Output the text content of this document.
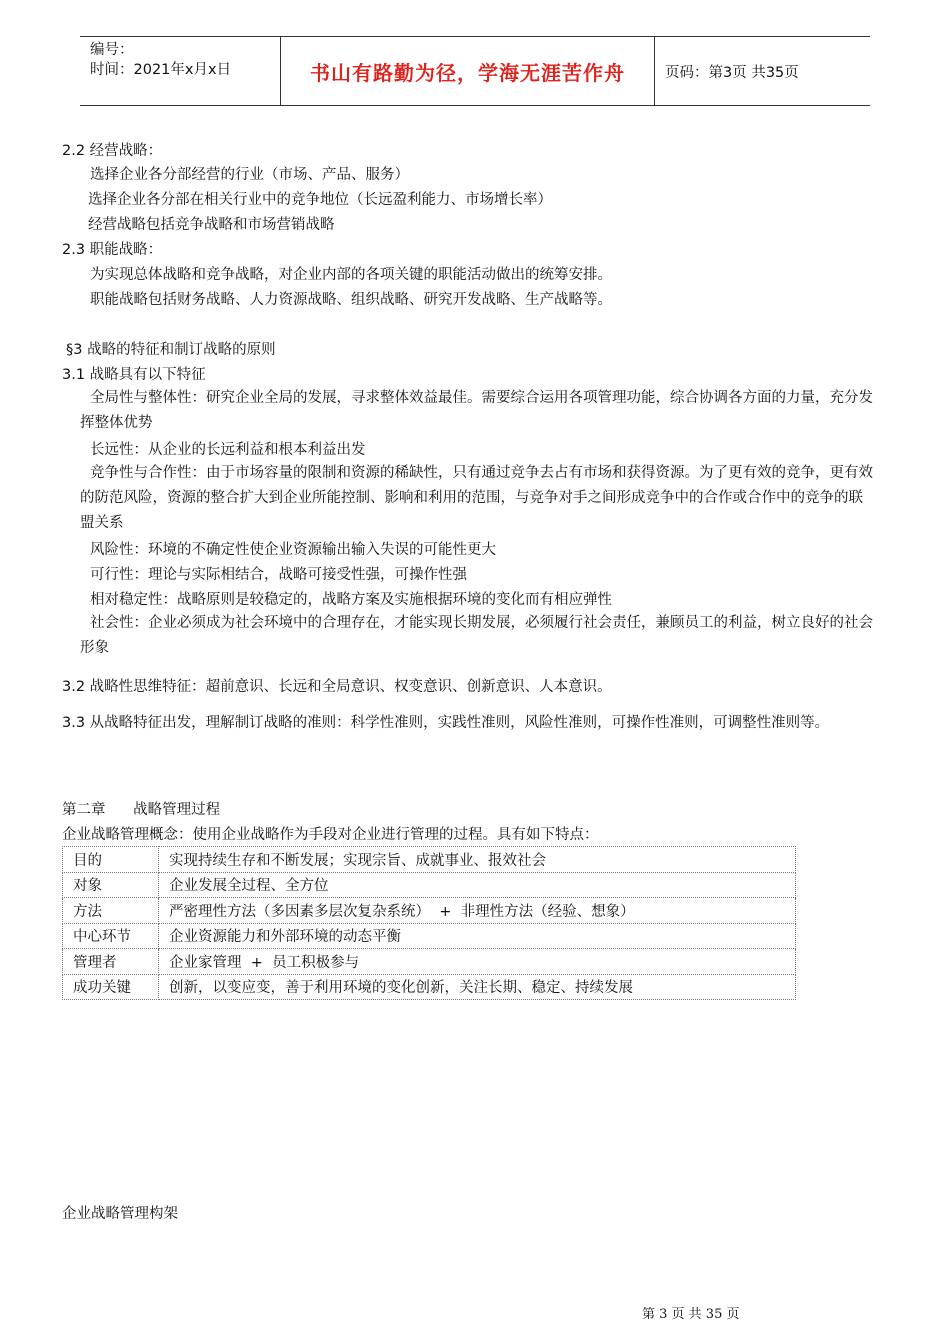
编号：
时间：2021年x月x日	书山有路勤为径，学海无涯苦作舟	页码：第3页 共35页
2.2 经营战略：
选择企业各分部经营的行业（市场、产品、服务）
选择企业各分部在相关行业中的竞争地位（长远盈利能力、市场增长率）
经营战略包括竞争战略和市场营销战略
2.3 职能战略：
为实现总体战略和竞争战略，对企业内部的各项关键的职能活动做出的统筹安排。
职能战略包括财务战略、人力资源战略、组织战略、研究开发战略、生产战略等。
§3 战略的特征和制订战略的原则
3.1 战略具有以下特征
全局性与整体性：研究企业全局的发展，寻求整体效益最佳。需要综合运用各项管理功能，综合协调各方面的力量，充分发挥整体优势
长远性：从企业的长远利益和根本利益出发
竞争性与合作性：由于市场容量的限制和资源的稀缺性，只有通过竞争去占有市场和获得资源。为了更有效的竞争，更有效的防范风险，资源的整合扩大到企业所能控制、影响和利用的范围，与竞争对手之间形成竞争中的合作或合作中的竞争的联盟关系
风险性：环境的不确定性使企业资源输出输入失误的可能性更大
可行性：理论与实际相结合，战略可接受性强，可操作性强
相对稳定性：战略原则是较稳定的，战略方案及实施根据环境的变化而有相应弹性
社会性：企业必须成为社会环境中的合理存在，才能实现长期发展，必须履行社会责任，兼顾员工的利益，树立良好的社会形象
3.2 战略性思维特征：超前意识、长远和全局意识、权变意识、创新意识、人本意识。
3.3 从战略特征出发，理解制订战略的准则：科学性准则，实践性准则，风险性准则，可操作性准则，可调整性准则等。
第二章      战略管理过程
企业战略管理概念：使用企业战略作为手段对企业进行管理的过程。具有如下特点：
目的	实现持续生存和不断发展；实现宗旨、成就事业、报效社会
对象	企业发展全过程、全方位
方法	严密理性方法（多因素多层次复杂系统）  +  非理性方法（经验、想象）
中心环节	企业资源能力和外部环境的动态平衡
管理者	企业家管理  +  员工积极参与
成功关键	创新，以变应变，善于利用环境的变化创新，关注长期、稳定、持续发展
企业战略管理构架
第 3 页 共 35 页
